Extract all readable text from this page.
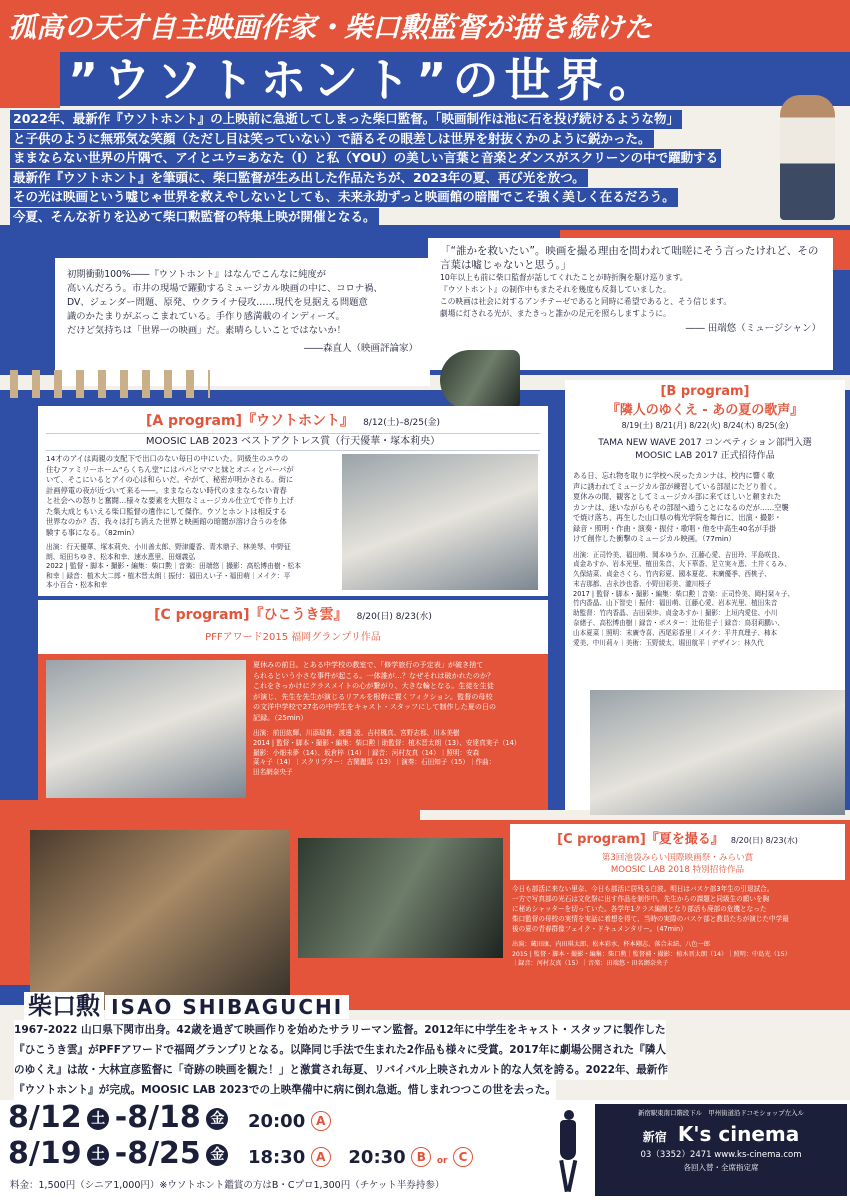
孤高の天才自主映画作家・柴口勲監督が描き続けた
”ウソトホント”の世界。

2022年、最新作『ウソトホント』の上映前に急逝してしまった柴口監督。「映画制作は池に石を投げ続けるような物」

と子供のように無邪気な笑顔（ただし目は笑っていない）で語るその眼差しは世界を射抜くかのように鋭かった。

ままならない世界の片隅で、アイとユウ=あなた（I）と私（YOU）の美しい言葉と音楽とダンスがスクリーンの中で躍動する

最新作『ウソトホント』を筆頭に、柴口監督が生み出した作品たちが、2023年の夏、再び光を放つ。

その光は映画という嘘じゃ世界を救えやしないとしても、未来永劫ずっと映画館の暗闇でこそ強く美しく在るだろう。

今夏、そんな祈りを込めて柴口勲監督の特集上映が開催となる。

初期衝動100%――『ウソトホント』はなんでこんなに純度が
高いんだろう。市井の現場で躍動するミュージカル映画の中に、コロナ禍、
DV、ジェンダー問題、原発、ウクライナ侵攻……現代を見据える問題意
識のかたまりがぶっこまれている。手作り感満載のインディーズ。
だけど気持ちは「世界一の映画」だ。素晴らしいことではないか！
――森直人（映画評論家）
「“誰かを救いたい”。映画を撮る理由を問われて咄嗟にそう言ったけれど、その言葉は嘘じゃないと思う。」
10年以上も前に柴口監督が話してくれたことが時折胸を駆け巡ります。
『ウソトホント』の制作中もまたそれを幾度も反芻していました。
この映画は社会に対するアンチテーゼであると同時に希望であると、そう信じます。
劇場に灯される光が、またきっと誰かの足元を照らしますように。
―― 田端悠（ミュージシャン）
[A program]『ウソトホント』 8/12(土)–8/25(金)
MOOSIC LAB 2023 ベストアクトレス賞（行天優華・塚本莉央）
14才のアイは両親の支配下で出口のない毎日の中にいた。同級生のユウの
住むファミリーホーム“らくちん堂”にはパパとママと妹とオニィとパーパが
いて、そこにいるとアイの心は和らいだ。やがて、秘密が明かされる。街に
計画停電の夜が近づいて来る――。ままならない時代のままならない青春
と社会への怒りと奮闘…様々な要素を大胆なミュージカル仕立てで作り上げ
た集大成ともいえる柴口監督の遺作にして傑作。ウソとホントは相反する
世界なのか？否、我々は打ち消えた世界と映画館の暗闇が溶け合うのを体
験する事になる。（82min）
出演：行天優華、塚本莉央、小川善太郎、野津慶香、青木鼎子、林美琴、中野征
朗、垣田ちゆき、松本和幸、速水恵里、田畑義弘
2022 | 監督・脚本・撮影・編集：柴口勲｜音楽：田端悠｜撮影：高松博由樹・松本
和幸｜録音：植木大二郎・植木晋太朗｜振付：福田えい子・福田萌｜メイク：平
本小百合・松本和幸
[B program]
『隣人のゆくえ - あの夏の歌声』
8/19(土) 8/21(月) 8/22(火) 8/24(木) 8/25(金)
TAMA NEW WAVE 2017 コンペティション部門入選
MOOSIC LAB 2017 正式招待作品
ある日、忘れ物を取りに学校へ戻ったカンナは、校内に響く歌
声に誘われてミュージカル部が練習している部屋にたどり着く。
夏休みの間、観客としてミュージカル部に来てほしいと頼まれた
カンナは、迷いながらもその部屋へ通うことになるのだが……空襲
で焼け落ち、再生した山口県の梅光学院を舞台に、出演・撮影・
録音・照明・作曲・演奏・振付・歌唱・他を中高生40名が手掛
けて創作した衝撃のミュージカル映画。（77min）
出演：正司怜美、福田萌、岡本ゆうか、江藤心愛、吉田玲、平島咲良、
貞金あすか、岩本光里、植田朱音、大下華香、足立実々恵、土井くるみ、
久保結菜、貞金さくら、竹内彩夏、國本夏花、末廣優季、西桃子、
末吉那都、吉永沙也香、小野田彩美、瀧川桜子
2017 | 監督・脚本・撮影・編集：柴口勲｜音楽：正司怜美、岡村栞々子、
竹内香晶、山下智史｜振付：福田萌、江藤心愛、岩本光里、植田朱音
助監督：竹内香晶、吉田栞歩、貞金あすか｜撮影：上垣内愛佳、小川
奈緒子、高松博由樹｜録音・ポスター：辻佑佳子｜録音：鳥羽莉鵬い、
山本夏菜｜照明：末廣寺喜、西尾彩香里｜メイク：平井真理子、柿本
愛美、中川莉々｜美術：玉野綾太、堀田航平｜デザイン：林久代
[C program]『ひこうき雲』 8/20(日) 8/23(水)
PFFアワード2015 福岡グランプリ作品
夏休みの前日。とある中学校の教室で、「修学旅行の予定表」が破き捨て
られるという小さな事件が起こる。一体誰が…？なぜそれは破かれたのか？
これをきっかけにクラスメイトの心が繋がり、大きな輪となる。生徒を生徒
が演じ、先生を先生が演じるリアルを根幹に置くフィクション。監督の母校
の文洋中学校で27名の中学生をキャスト・スタッフにして制作した夏の日の
記録。（25min）
出演：前田紘輝、川添瑞貴、渡邊 凌、吉村楓真、宮野志都、川本美樹
2014 | 監督・脚本・撮影・編集：柴口勲｜助監督：植木晋太朗（13）、安達真実子（14）
撮影：小畑未夢（14）、坂倉梓（14）｜録音：河村友真（14）｜照明：安森
菜々子（14）｜スクリプター：古閑麗馬（13）｜演奏：石田知子（15）｜作曲：
田名網奈央子
[C program]『夏を撮る』 8/20(日) 8/23(水)
第3回池袋みらい国際映画祭・みらい賞
MOOSIC LAB 2018 特別招待作品
今日も部活に来ない里奈、今日も部活に居残る白波。明日はバスケ部3年生の引退試合。
一方で写真部の光石は文化祭に出す作品を制作中。先生からの課題と同級生の願いを胸
に秘めシャッターを切っていた。各学年1クラス編制となり部活も廃部の危機となった
柴口監督の母校の実情を実話に着想を得て、当時の実際のバスケ部と教員たちが演じた中学最
後の夏の青春群像フェイク・ドキュメンタリー。（47min）
出演：蔵田康、内田琪太郎、松本彩水、杯本剛志、落合未結、八色一郎
2015 | 監督・脚本・撮影・編集：柴口勲｜監督補・撮影：植木晋太朗（14）｜照明：中島光（15）
｜録音：河村友真（15）｜音楽：田端悠・田名網奈央子
柴口勲 ISAO SHIBAGUCHI
1967-2022 山口県下関市出身。42歳を過ぎて映画作りを始めたサラリーマン監督。2012年に中学生をキャスト・スタッフに製作した
『ひこうき雲』がPFFアワードで福岡グランプリとなる。以降同じ手法で生まれた2作品も様々に受賞。2017年に劇場公開された『隣人
のゆくえ』は故・大林宣彦監督に「奇跡の映画を観た！」と激賞され毎夏、リバイバル上映されカルト的な人気を誇る。2022年、最新作
『ウソトホント』が完成。MOOSIC LAB 2023での上映準備中に病に倒れ急逝。惜しまれつつこの世を去った。
8/12 土 -8/18 金 20:00 A
8/19 土 -8/25 金 18:30 A 20:30 B or C
料金：1,500円（シニア1,000円）※ウソトホント鑑賞の方はB・Cプロ1,300円（チケット半券持参）
新宿駅東南口階段下ル　甲州街道沿ドコモショップ左入ル
新宿 K's cinema
03（3352）2471 www.ks-cinema.com
各回入替・全席指定席
